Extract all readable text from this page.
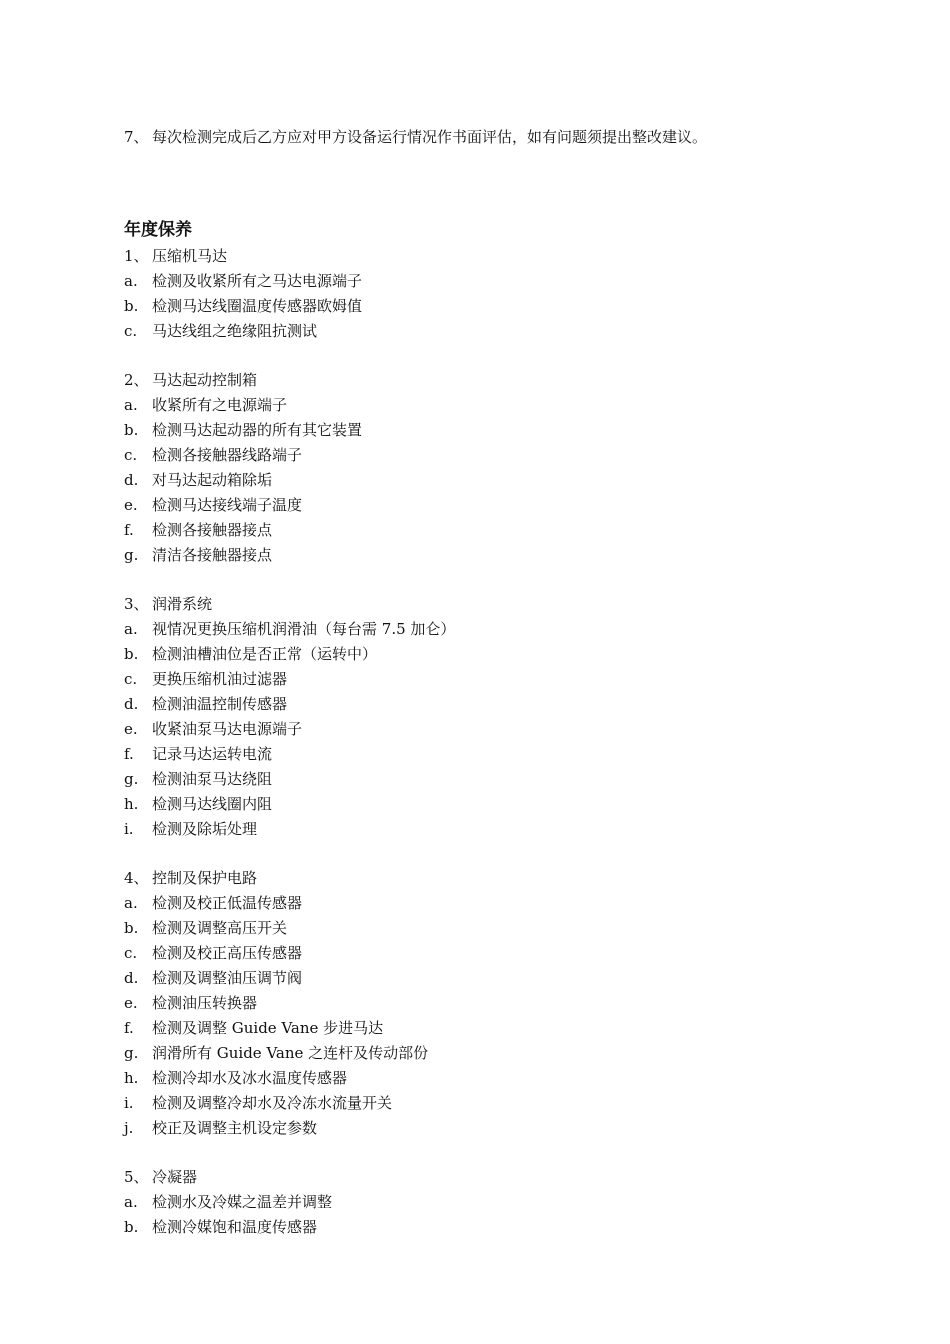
7、 每次检测完成后乙方应对甲方设备运行情况作书面评估，如有问题须提出整改建议。
年度保养
1、 压缩机马达
a. 检测及收紧所有之马达电源端子
b. 检测马达线圈温度传感器欧姆值
c. 马达线组之绝缘阻抗测试
2、 马达起动控制箱
a. 收紧所有之电源端子
b. 检测马达起动器的所有其它装置
c. 检测各接触器线路端子
d. 对马达起动箱除垢
e. 检测马达接线端子温度
f. 检测各接触器接点
g. 清洁各接触器接点
3、 润滑系统
a. 视情况更换压缩机润滑油（每台需 7.5 加仑）
b. 检测油槽油位是否正常（运转中）
c. 更换压缩机油过滤器
d. 检测油温控制传感器
e. 收紧油泵马达电源端子
f. 记录马达运转电流
g. 检测油泵马达绕阻
h. 检测马达线圈内阻
i. 检测及除垢处理
4、 控制及保护电路
a. 检测及校正低温传感器
b. 检测及调整高压开关
c. 检测及校正高压传感器
d. 检测及调整油压调节阀
e. 检测油压转换器
f. 检测及调整 Guide Vane 步进马达
g. 润滑所有 Guide Vane 之连杆及传动部份
h. 检测冷却水及冰水温度传感器
i. 检测及调整冷却水及冷冻水流量开关
j. 校正及调整主机设定参数
5、 冷凝器
a. 检测水及冷媒之温差并调整
b. 检测冷媒饱和温度传感器
